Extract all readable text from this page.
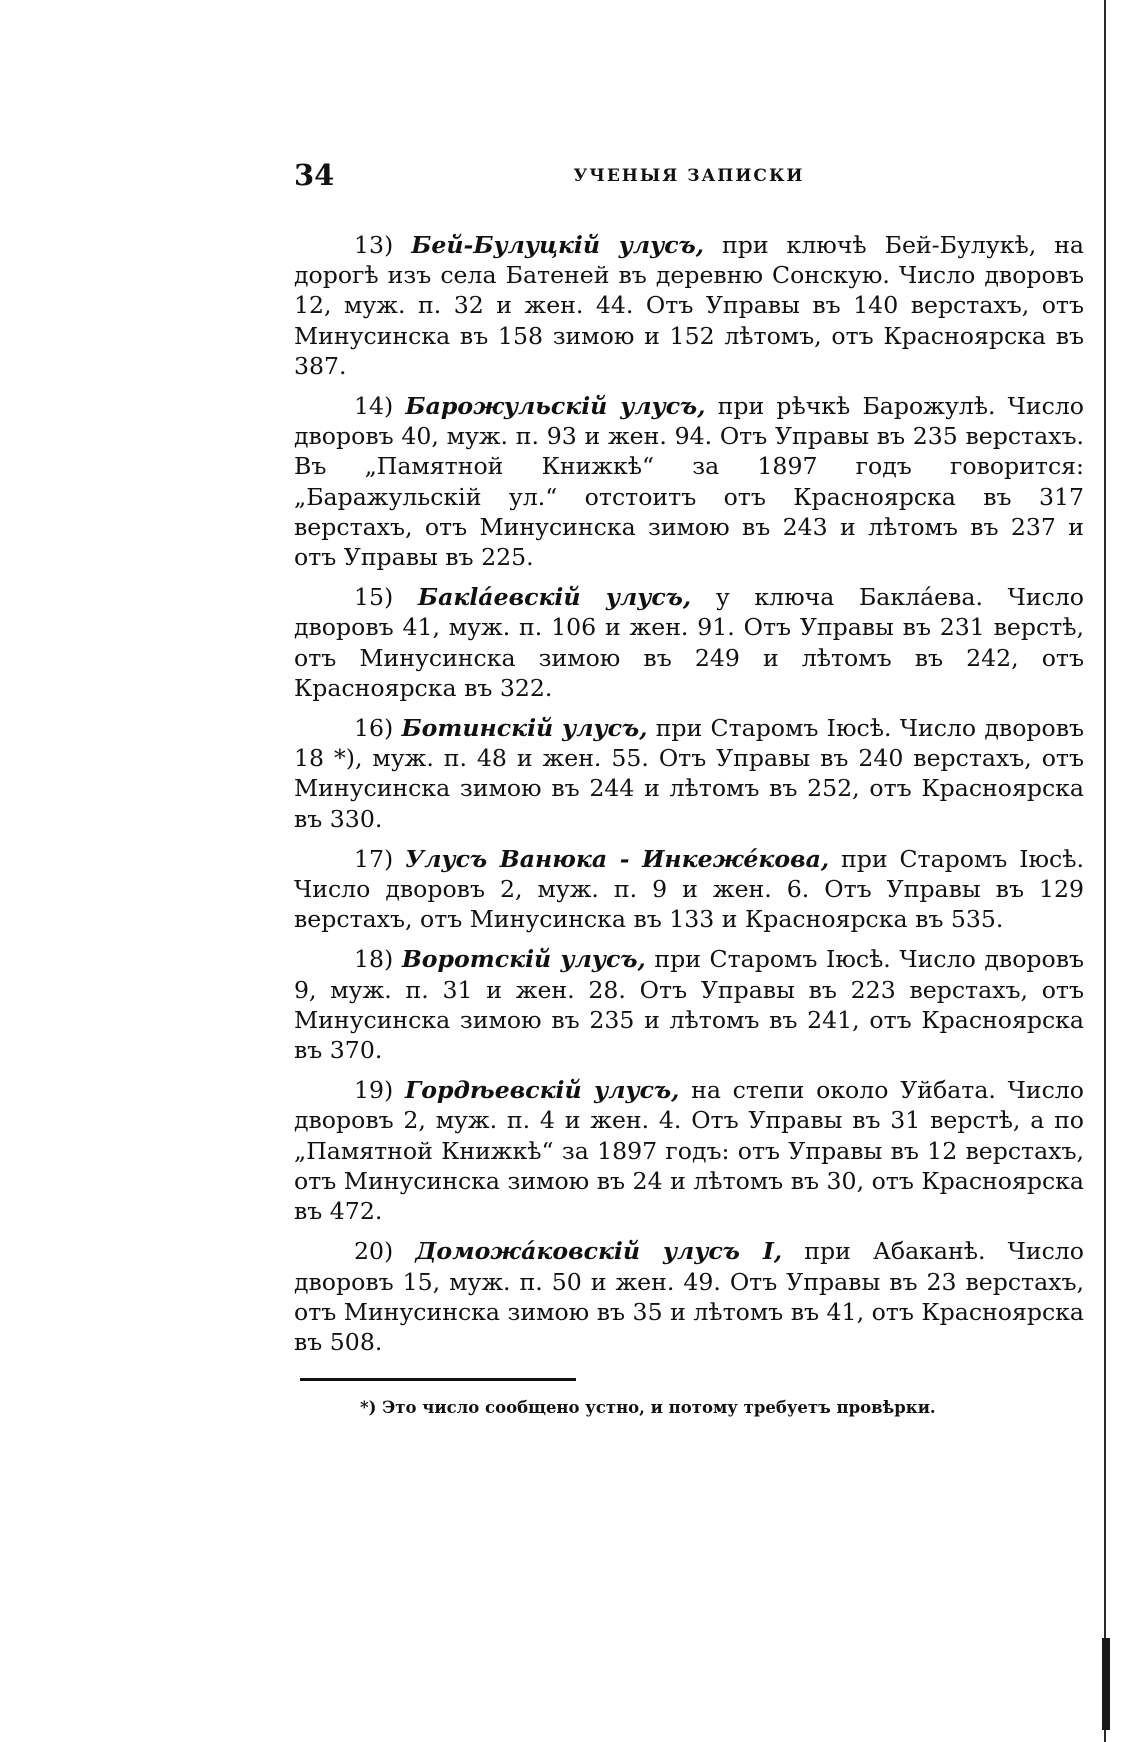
34	УЧЕНЫЯ ЗАПИСКИ

13) Бей-Булуцкій улусъ, при ключѣ Бей-Булукѣ, на дорогѣ изъ села Батеней въ деревню Сонскую. Число дворовъ 12, муж. п. 32 и жен. 44. Отъ Управы въ 140 верстахъ, отъ Минусинска въ 158 зимою и 152 лѣтомъ, отъ Красноярска въ 387.

14) Барожульскій улусъ, при рѣчкѣ Барожулѣ. Число дворовъ 40, муж. п. 93 и жен. 94. Отъ Управы въ 235 верстахъ. Въ „Памятной Книжкѣ“ за 1897 годъ говорится: „Баражульскій ул.“ отстоитъ отъ Красноярска въ 317 верстахъ, отъ Минусинска зимою въ 243 и лѣтомъ въ 237 и отъ Управы въ 225.

15) Бакláевскій улусъ, у ключа Баклáева. Число дворовъ 41, муж. п. 106 и жен. 91. Отъ Управы въ 231 верстѣ, отъ Минусинска зимою въ 249 и лѣтомъ въ 242, отъ Красноярска въ 322.

16) Ботинскій улусъ, при Старомъ Іюсѣ. Число дворовъ 18 *), муж. п. 48 и жен. 55. Отъ Управы въ 240 верстахъ, отъ Минусинска зимою въ 244 и лѣтомъ въ 252, отъ Красноярска въ 330.

17) Улусъ Ванюка - Инкежéкова, при Старомъ Іюсѣ. Число дворовъ 2, муж. п. 9 и жен. 6. Отъ Управы въ 129 верстахъ, отъ Минусинска въ 133 и Красноярска въ 535.

18) Воротскій улусъ, при Старомъ Іюсѣ. Число дворовъ 9, муж. п. 31 и жен. 28. Отъ Управы въ 223 верстахъ, отъ Минусинска зимою въ 235 и лѣтомъ въ 241, отъ Красноярска въ 370.

19) Гордѣевскій улусъ, на степи около Уйбата. Число дворовъ 2, муж. п. 4 и жен. 4. Отъ Управы въ 31 верстѣ, а по „Памятной Книжкѣ“ за 1897 годъ: отъ Управы въ 12 верстахъ, отъ Минусинска зимою въ 24 и лѣтомъ въ 30, отъ Красноярска въ 472.

20) Доможáковскій улусъ I, при Абаканѣ. Число дворовъ 15, муж. п. 50 и жен. 49. Отъ Управы въ 23 верстахъ, отъ Минусинска зимою въ 35 и лѣтомъ въ 41, отъ Красноярска въ 508.

*) Это число сообщено устно, и потому требуетъ провѣрки.
